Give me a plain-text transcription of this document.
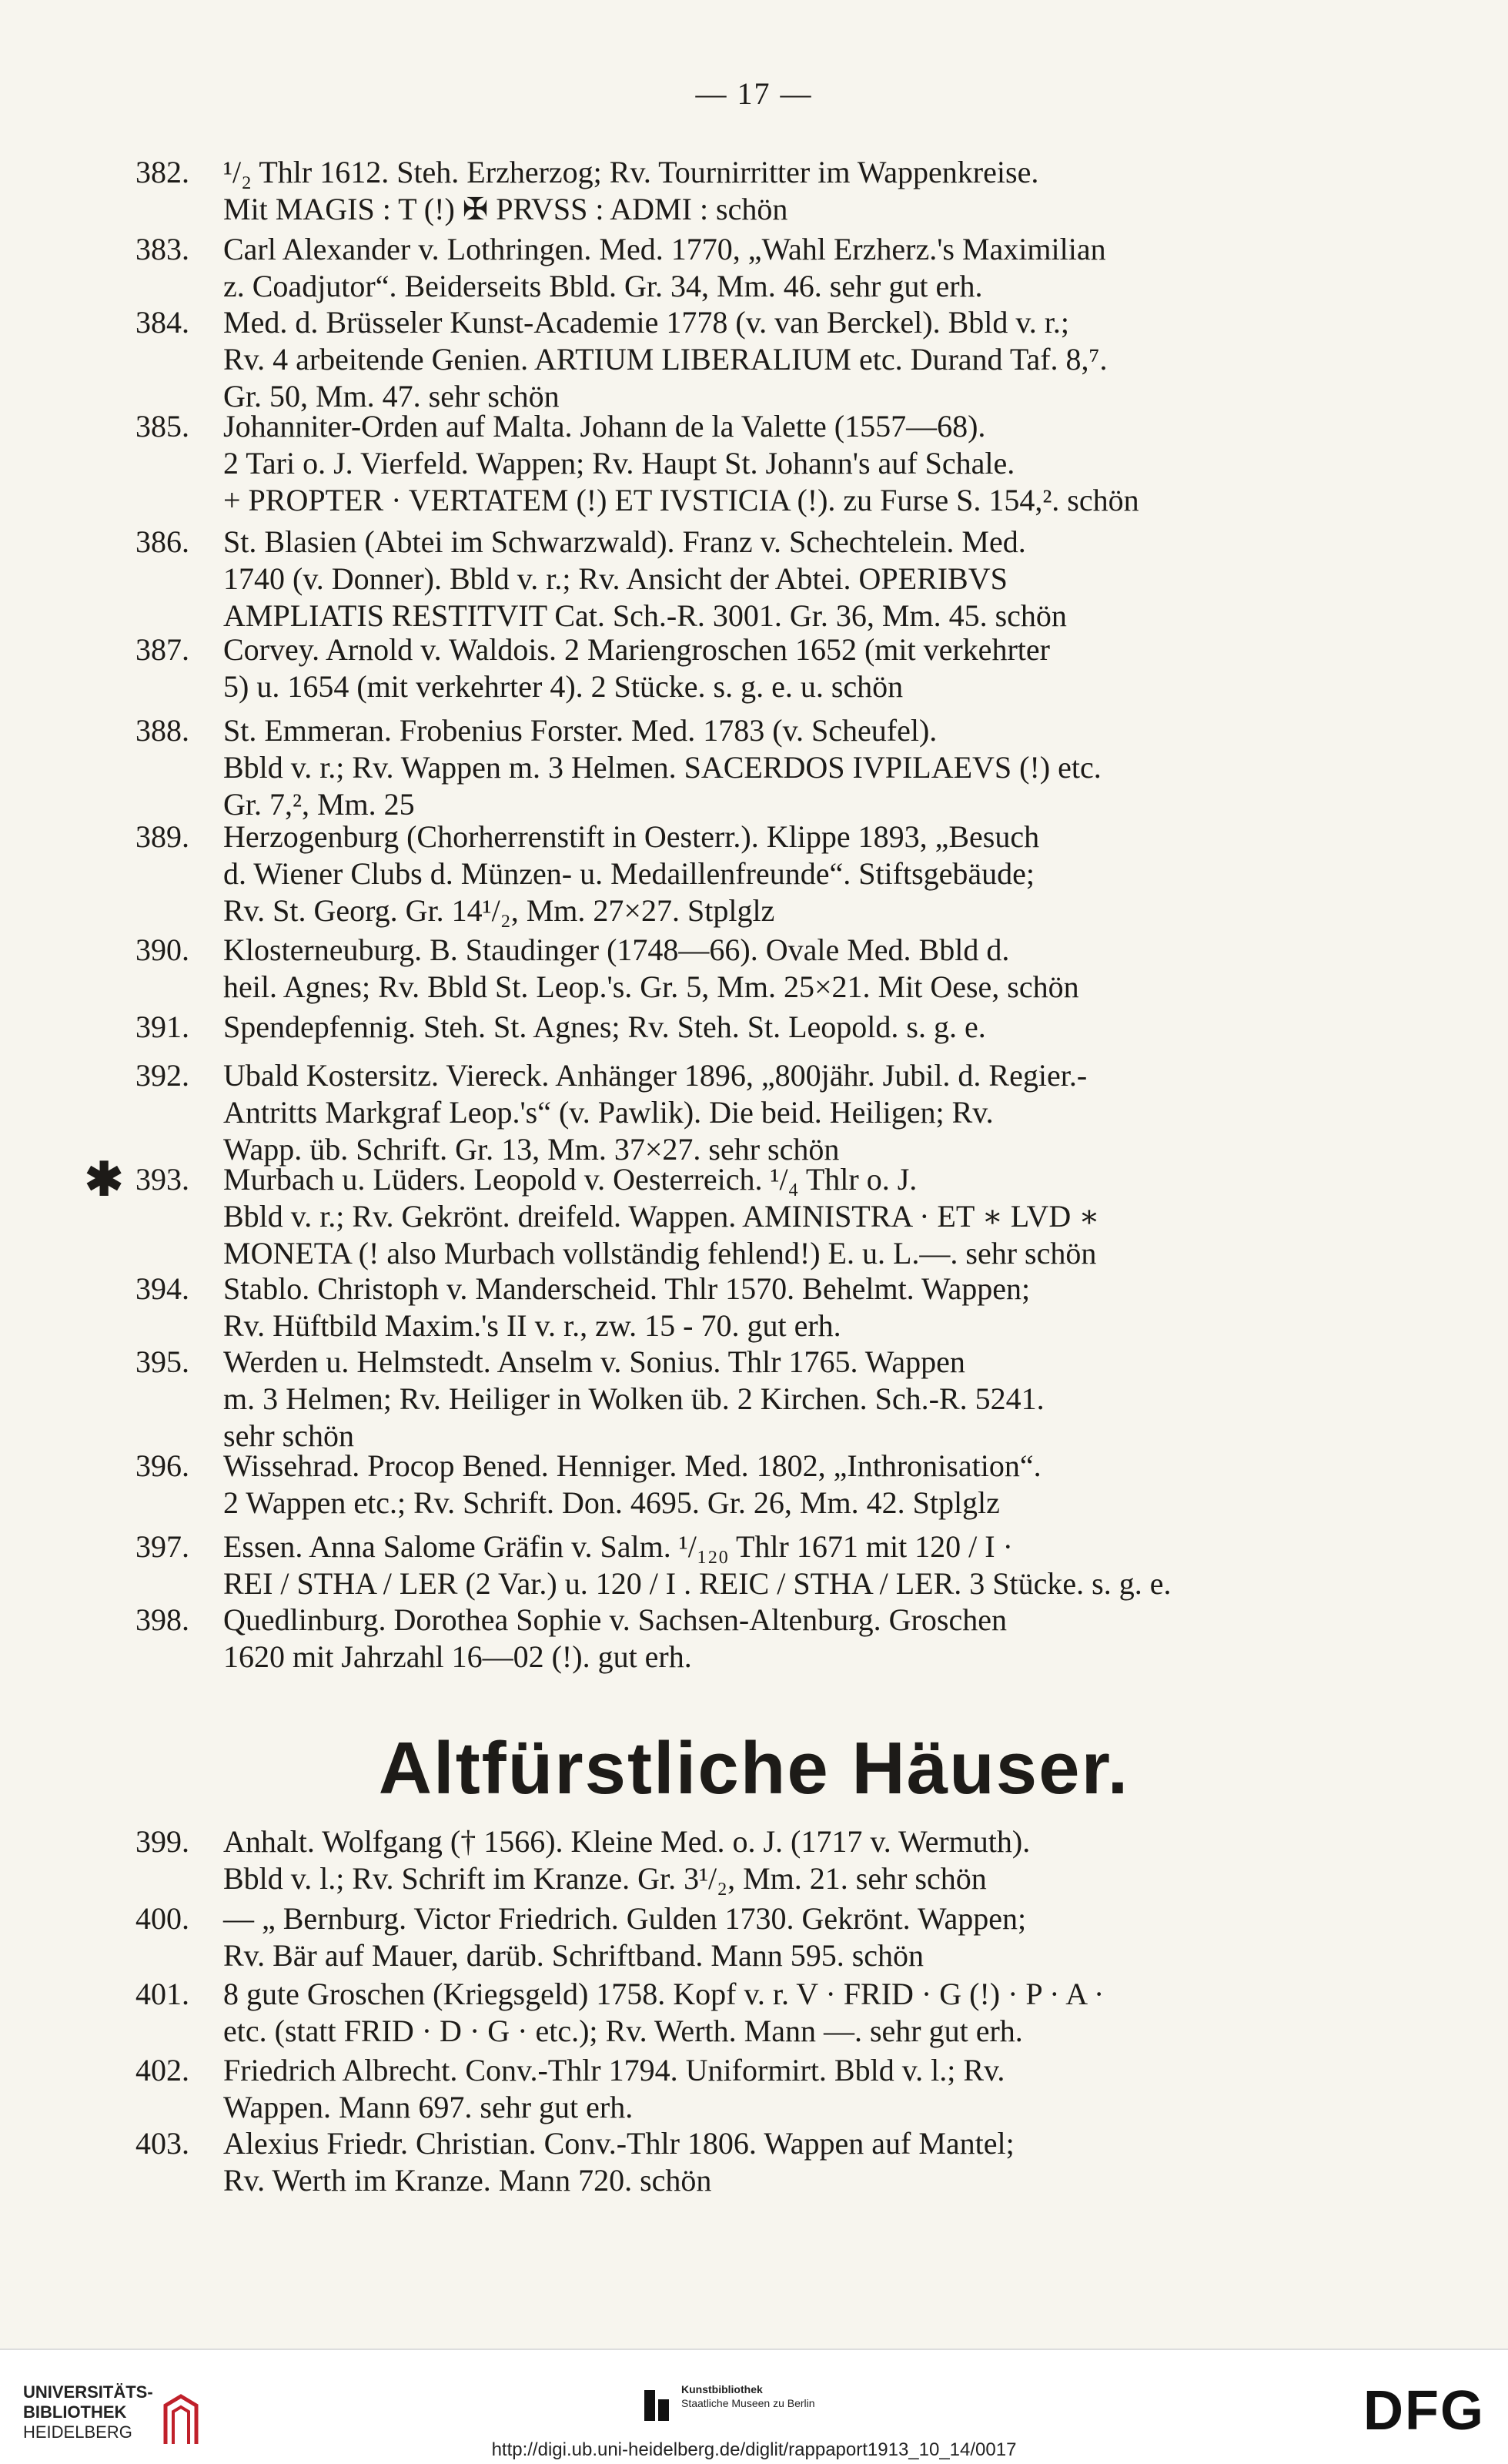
— 17 —
382. ¹/₂ Thlr 1612. Steh. Erzherzog; Rv. Tournirritter im Wappenkreise.
Mit MAGIS : T (!) ✠ PRVSS : ADMI : schön
383. Carl Alexander v. Lothringen. Med. 1770, „Wahl Erzherz.'s Maximilian
z. Coadjutor“. Beiderseits Bbld. Gr. 34, Mm. 46. sehr gut erh.
384. Med. d. Brüsseler Kunst-Academie 1778 (v. van Berckel). Bbld v. r.;
Rv. 4 arbeitende Genien. ARTIUM LIBERALIUM etc. Durand Taf. 8,⁷.
Gr. 50, Mm. 47. sehr schön
385. Johanniter-Orden auf Malta. Johann de la Valette (1557—68).
2 Tari o. J. Vierfeld. Wappen; Rv. Haupt St. Johann's auf Schale.
+ PROPTER · VERTATEM (!) ET IVSTICIA (!). zu Furse S. 154,². schön
386. St. Blasien (Abtei im Schwarzwald). Franz v. Schechtelein. Med.
1740 (v. Donner). Bbld v. r.; Rv. Ansicht der Abtei. OPERIBVS
AMPLIATIS RESTITVIT Cat. Sch.-R. 3001. Gr. 36, Mm. 45. schön
387. Corvey. Arnold v. Waldois. 2 Mariengroschen 1652 (mit verkehrter
5) u. 1654 (mit verkehrter 4). 2 Stücke. s. g. e. u. schön
388. St. Emmeran. Frobenius Forster. Med. 1783 (v. Scheufel).
Bbld v. r.; Rv. Wappen m. 3 Helmen. SACERDOS IVPILAEVS (!) etc.
Gr. 7,², Mm. 25
389. Herzogenburg (Chorherrenstift in Oesterr.). Klippe 1893, „Besuch
d. Wiener Clubs d. Münzen- u. Medaillenfreunde“. Stiftsgebäude;
Rv. St. Georg. Gr. 14¹/₂, Mm. 27×27. Stplglz
390. Klosterneuburg. B. Staudinger (1748—66). Ovale Med. Bbld d.
heil. Agnes; Rv. Bbld St. Leop.'s. Gr. 5, Mm. 25×21. Mit Oese, schön
391. Spendepfennig. Steh. St. Agnes; Rv. Steh. St. Leopold. s. g. e.
392. Ubald Kostersitz. Viereck. Anhänger 1896, „800jähr. Jubil. d. Regier.-
Antritts Markgraf Leop.'s“ (v. Pawlik). Die beid. Heiligen; Rv.
Wapp. üb. Schrift. Gr. 13, Mm. 37×27. sehr schön
✱ 393. Murbach u. Lüders. Leopold v. Oesterreich. ¹/₄ Thlr o. J.
Bbld v. r.; Rv. Gekrönt. dreifeld. Wappen. AMINISTRA · ET ∗ LVD ∗
MONETA (! also Murbach vollständig fehlend!) E. u. L.—. sehr schön
394. Stablo. Christoph v. Manderscheid. Thlr 1570. Behelmt. Wappen;
Rv. Hüftbild Maxim.'s II v. r., zw. 15 - 70. gut erh.
395. Werden u. Helmstedt. Anselm v. Sonius. Thlr 1765. Wappen
m. 3 Helmen; Rv. Heiliger in Wolken üb. 2 Kirchen. Sch.-R. 5241.
sehr schön
396. Wissehrad. Procop Bened. Henniger. Med. 1802, „Inthronisation“.
2 Wappen etc.; Rv. Schrift. Don. 4695. Gr. 26, Mm. 42. Stplglz
397. Essen. Anna Salome Gräfin v. Salm. ¹/₁₂₀ Thlr 1671 mit 120 / I ·
REI / STHA / LER (2 Var.) u. 120 / I . REIC / STHA / LER. 3 Stücke. s. g. e.
398. Quedlinburg. Dorothea Sophie v. Sachsen-Altenburg. Groschen
1620 mit Jahrzahl 16—02 (!). gut erh.
399. Anhalt. Wolfgang († 1566). Kleine Med. o. J. (1717 v. Wermuth).
Bbld v. l.; Rv. Schrift im Kranze. Gr. 3¹/₂, Mm. 21. sehr schön
400. — „ Bernburg. Victor Friedrich. Gulden 1730. Gekrönt. Wappen;
Rv. Bär auf Mauer, darüb. Schriftband. Mann 595. schön
401. 8 gute Groschen (Kriegsgeld) 1758. Kopf v. r. V · FRID · G (!) · P · A ·
etc. (statt FRID · D · G · etc.); Rv. Werth. Mann —. sehr gut erh.
402. Friedrich Albrecht. Conv.-Thlr 1794. Uniformirt. Bbld v. l.; Rv.
Wappen. Mann 697. sehr gut erh.
403. Alexius Friedr. Christian. Conv.-Thlr 1806. Wappen auf Mantel;
Rv. Werth im Kranze. Mann 720. schön
Altfürstliche Häuser.
UNIVERSITÄTS-
BIBLIOTHEK
HEIDELBERG
Kunstbibliothek
Staatliche Museen zu Berlin	DFG
http://digi.ub.uni-heidelberg.de/diglit/rappaport1913_10_14/0017
